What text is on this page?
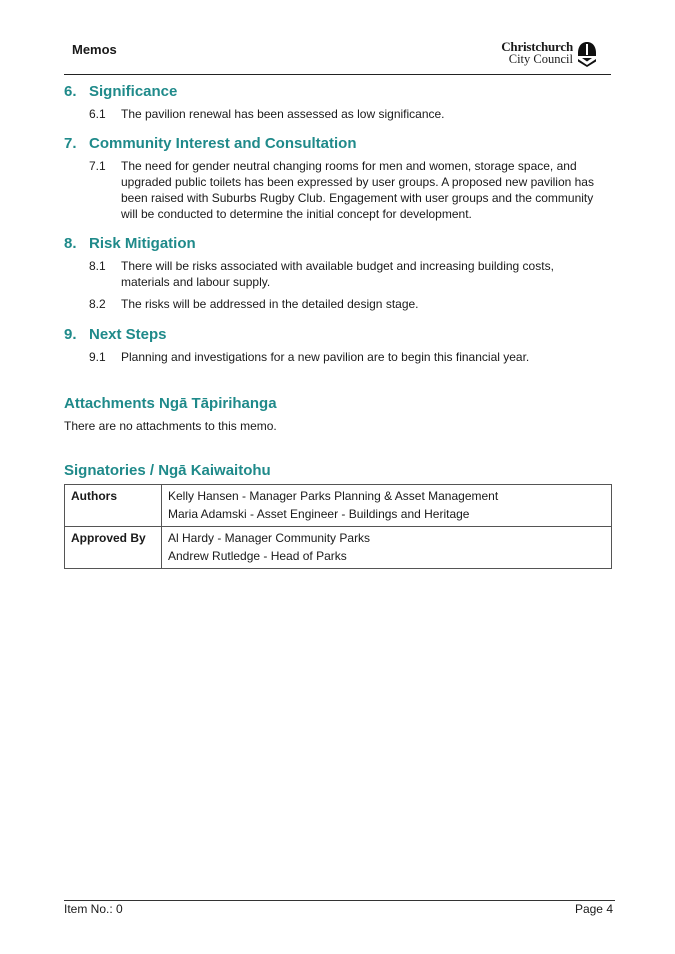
Memos	Christchurch
City Council
6. Significance
6.1	The pavilion renewal has been assessed as low significance.
7. Community Interest and Consultation
7.1	The need for gender neutral changing rooms for men and women, storage space, and upgraded public toilets has been expressed by user groups. A proposed new pavilion has been raised with Suburbs Rugby Club. Engagement with user groups and the community will be conducted to determine the initial concept for development.
8. Risk Mitigation
8.1	There will be risks associated with available budget and increasing building costs, materials and labour supply.
8.2	The risks will be addressed in the detailed design stage.
9. Next Steps
9.1	Planning and investigations for a new pavilion are to begin this financial year.
Attachments Ngā Tāpirihanga
There are no attachments to this memo.
Signatories / Ngā Kaiwaitohu
Authors	Kelly Hansen - Manager Parks Planning & Asset Management
Maria Adamski - Asset Engineer - Buildings and Heritage

Approved By	Al Hardy - Manager Community Parks
Andrew Rutledge - Head of Parks
Item No.: 0	Page 4
